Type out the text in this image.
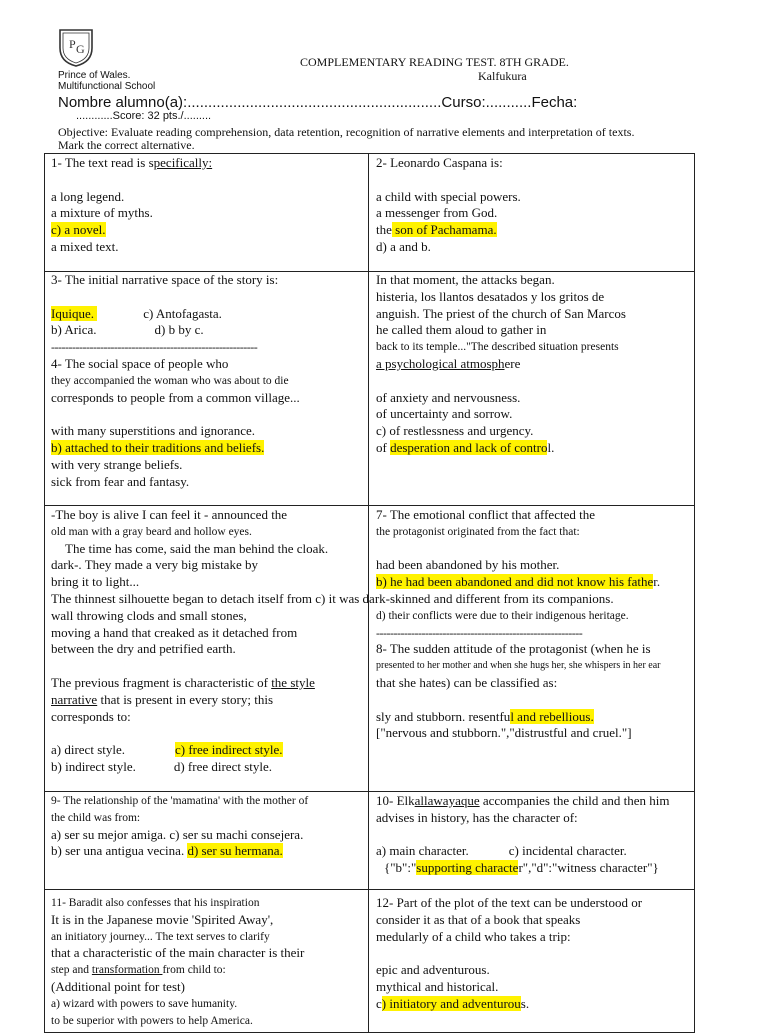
P G
Prince of Wales.
Multifunctional School
COMPLEMENTARY READING TEST. 8TH GRADE.
Kalfukura
Nombre alumno(a):.............................................................Curso:...........Fecha:
............Score: 32 pts./.........
Objective: Evaluate reading comprehension, data retention, recognition of narrative elements and interpretation of texts.
Mark the correct alternative.
1- The text read is specifically:
a long legend.
a mixture of myths.
c) a novel.
a mixed text.
2- Leonardo Caspana is:
a child with special powers.
a messenger from God.
the son of Pachamama.
d) a and b.
3- The initial narrative space of the story is:
Iquique.	c) Antofagasta.
b) Arica.	d) b by c.
-----------------------------------------------------------
4- The social space of people who
they accompanied the woman who was about to die
corresponds to people from a common village...
with many superstitions and ignorance.
b) attached to their traditions and beliefs.
with very strange beliefs.
sick from fear and fantasy.
In that moment, the attacks began.
histeria, los llantos desatados y los gritos de
anguish. The priest of the church of San Marcos
he called them aloud to gather in
back to its temple..."The described situation presents
a psychological atmosphere
of anxiety and nervousness.
of uncertainty and sorrow.
c) of restlessness and urgency.
of desperation and lack of control.
-The boy is alive I can feel it - announced the
old man with a gray beard and hollow eyes.
The time has come, said the man behind the cloak.
dark-. They made a very big mistake by
bring it to light...
The thinnest silhouette began to detach itself from c) it was dark-skinned and different from its companions.
wall throwing clods and small stones,
moving a hand that creaked as it detached from
between the dry and petrified earth.
The previous fragment is characteristic of the style
narrative that is present in every story; this
corresponds to:
a) direct style.	c) free indirect style.
b) indirect style.	d) free direct style.
7- The emotional conflict that affected the
the protagonist originated from the fact that:
had been abandoned by his mother.
b) he had been abandoned and did not know his father.
d) their conflicts were due to their indigenous heritage.
-----------------------------------------------------------
8- The sudden attitude of the protagonist (when he is
presented to her mother and when she hugs her, she whispers in her ear
that she hates) can be classified as:
sly and stubborn. resentful and rebellious.
["nervous and stubborn.","distrustful and cruel."]
9- The relationship of the 'mamatina' with the mother of
the child was from:
a) ser su mejor amiga. c) ser su machi consejera.
b) ser una antigua vecina. d) ser su hermana.
10- Elkallawayaque accompanies the child and then him
advises in history, has the character of:
a) main character.	c) incidental character.
{"b":"supporting character","d":"witness character"}
11- Baradit also confesses that his inspiration
It is in the Japanese movie 'Spirited Away',
an initiatory journey... The text serves to clarify
that a characteristic of the main character is their
step and transformation from child to:
(Additional point for test)
a) wizard with powers to save humanity.
to be superior with powers to help America.
12- Part of the plot of the text can be understood or
consider it as that of a book that speaks
medularly of a child who takes a trip:
epic and adventurous.
mythical and historical.
c) initiatory and adventurous.
